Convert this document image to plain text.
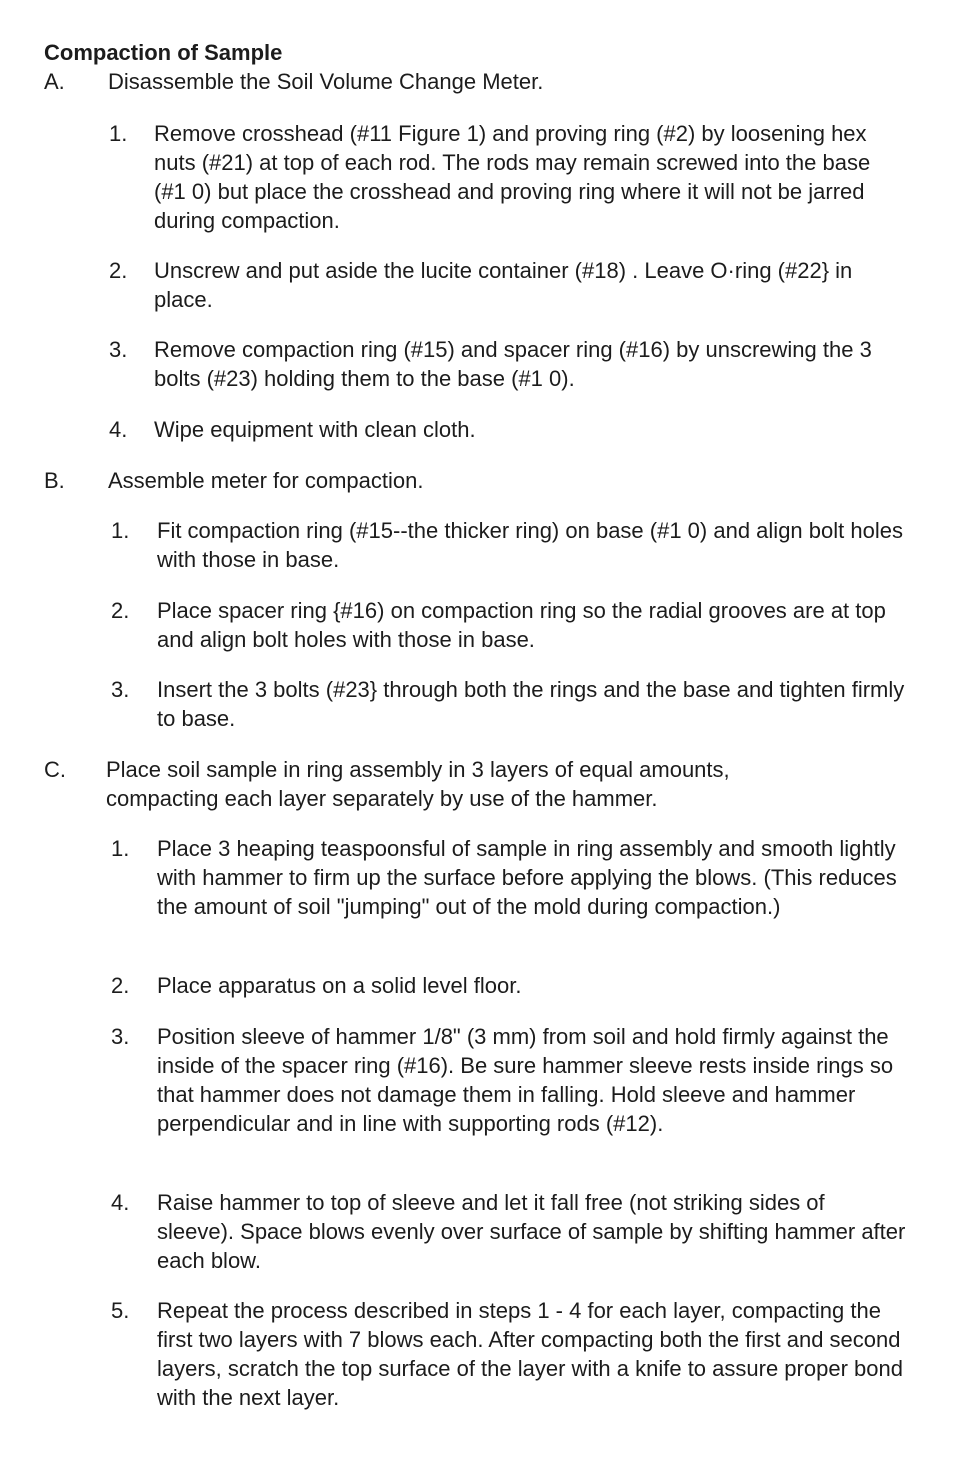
Compaction of Sample
A. Disassemble the Soil Volume Change Meter.
1. Remove crosshead (#11 Figure 1) and proving ring (#2) by loosening hex nuts (#21) at top of each rod. The rods may remain screwed into the base (#1 0) but place the crosshead and proving ring where it will not be jarred during compaction.
2. Unscrew and put aside the lucite container (#18) . Leave O·ring (#22} in place.
3. Remove compaction ring (#15) and spacer ring (#16) by unscrewing the 3 bolts (#23) holding them to the base (#1 0).
4. Wipe equipment with clean cloth.
B. Assemble meter for compaction.
1. Fit compaction ring (#15--the thicker ring) on base (#1 0) and align bolt holes with those in base.
2. Place spacer ring {#16) on compaction ring so the radial grooves are at top and align bolt holes with those in base.
3. Insert the 3 bolts (#23} through both the rings and the base and tighten firmly to base.
C. Place soil sample in ring assembly in 3 layers of equal amounts, compacting each layer separately by use of the hammer.
1. Place 3 heaping teaspoonsful of sample in ring assembly and smooth lightly with hammer to firm up the surface before applying the blows. (This reduces the amount of soil "jumping" out of the mold during compaction.)
2. Place apparatus on a solid level floor.
3. Position sleeve of hammer 1/8" (3 mm) from soil and hold firmly against the inside of the spacer ring (#16). Be sure hammer sleeve rests inside rings so that hammer does not damage them in falling. Hold sleeve and hammer perpendicular and in line with supporting rods (#12).
4. Raise hammer to top of sleeve and let it fall free (not striking sides of sleeve). Space blows evenly over surface of sample by shifting hammer after each blow.
5. Repeat the process described in steps 1 - 4 for each layer, compacting the first two layers with 7 blows each. After compacting both the first and second layers, scratch the top surface of the layer with a knife to assure proper bond with the next layer.
